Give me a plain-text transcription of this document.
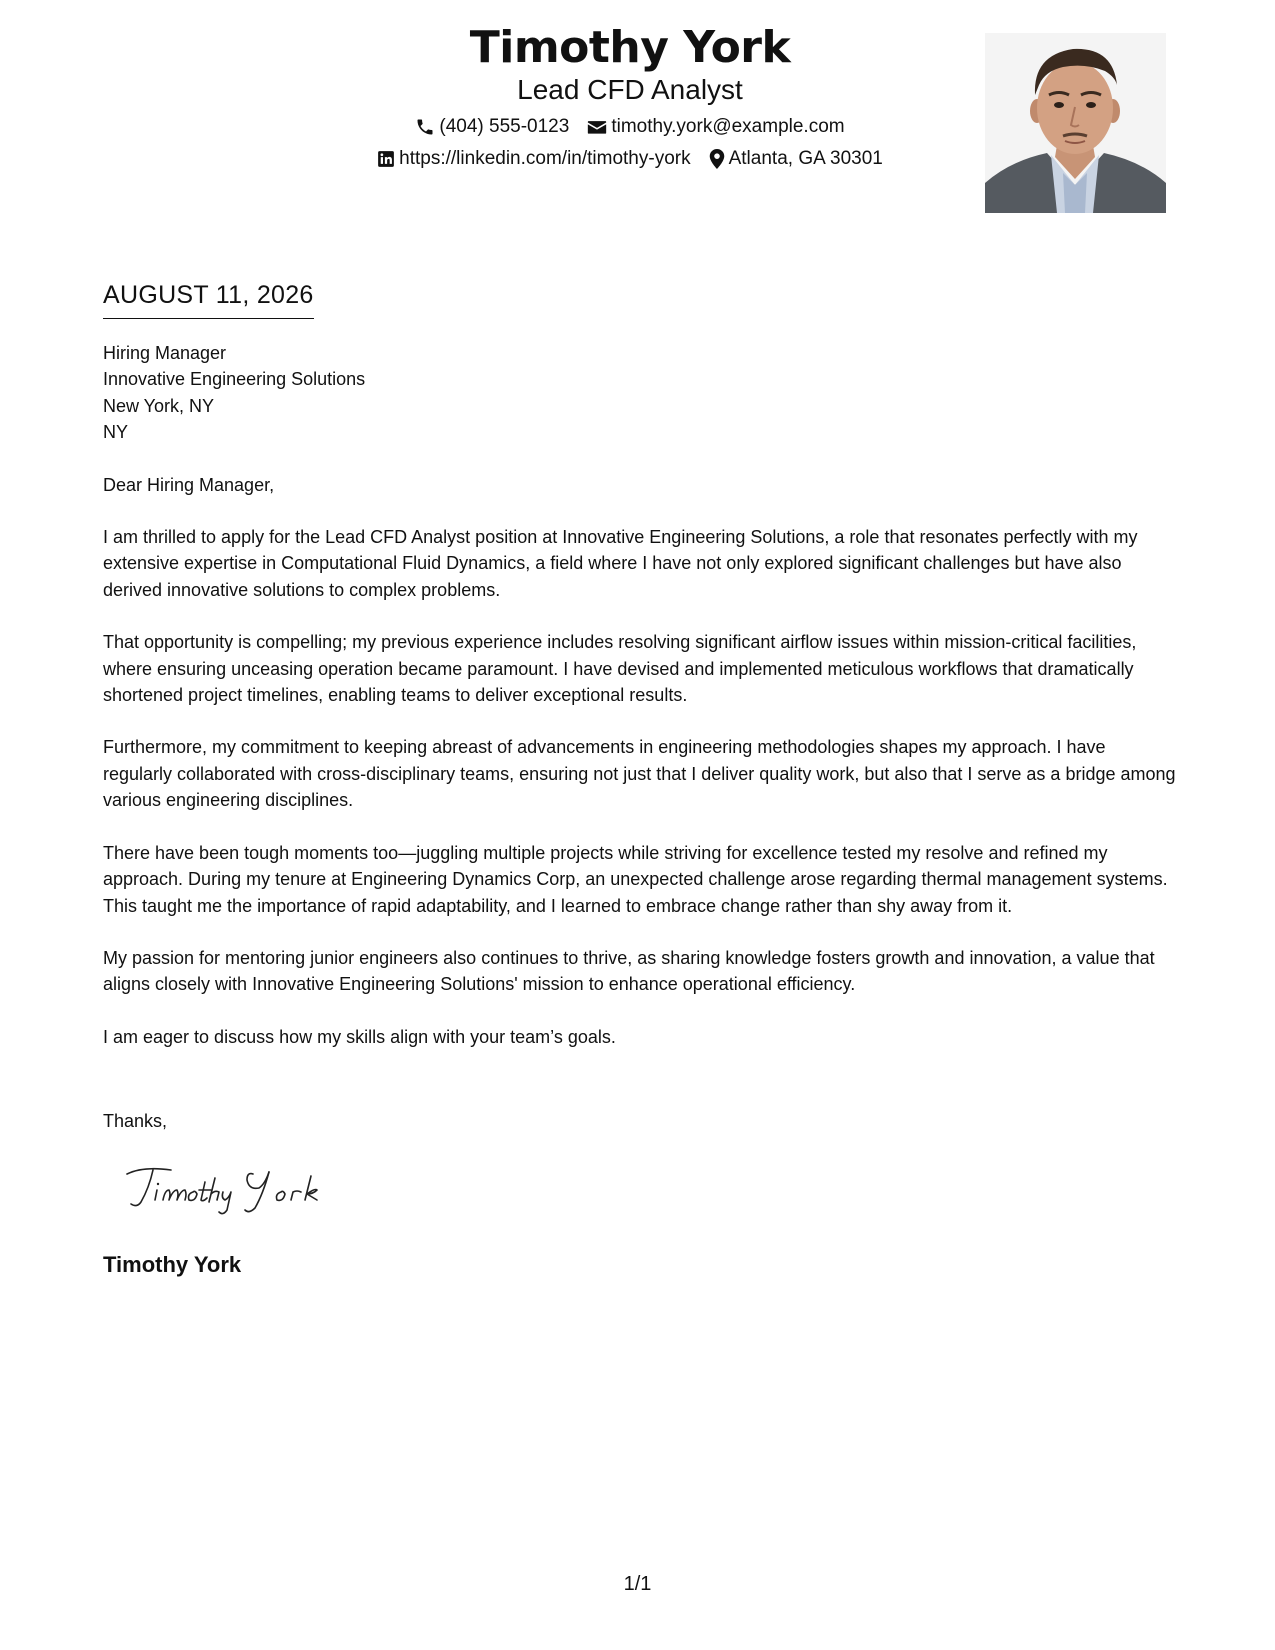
Timothy York
Lead CFD Analyst
(404) 555-0123 timothy.york@example.com
https://linkedin.com/in/timothy-york Atlanta, GA 30301
AUGUST 11, 2026
Hiring Manager
Innovative Engineering Solutions
New York, NY
NY
Dear Hiring Manager,
I am thrilled to apply for the Lead CFD Analyst position at Innovative Engineering Solutions, a role that resonates perfectly with my extensive expertise in Computational Fluid Dynamics, a field where I have not only explored significant challenges but have also derived innovative solutions to complex problems.
That opportunity is compelling; my previous experience includes resolving significant airflow issues within mission-critical facilities, where ensuring unceasing operation became paramount. I have devised and implemented meticulous workflows that dramatically shortened project timelines, enabling teams to deliver exceptional results.
Furthermore, my commitment to keeping abreast of advancements in engineering methodologies shapes my approach. I have regularly collaborated with cross-disciplinary teams, ensuring not just that I deliver quality work, but also that I serve as a bridge among various engineering disciplines.
There have been tough moments too—juggling multiple projects while striving for excellence tested my resolve and refined my approach. During my tenure at Engineering Dynamics Corp, an unexpected challenge arose regarding thermal management systems. This taught me the importance of rapid adaptability, and I learned to embrace change rather than shy away from it.
My passion for mentoring junior engineers also continues to thrive, as sharing knowledge fosters growth and innovation, a value that aligns closely with Innovative Engineering Solutions' mission to enhance operational efficiency.
I am eager to discuss how my skills align with your team’s goals.
Thanks,
Timothy York
1/1
